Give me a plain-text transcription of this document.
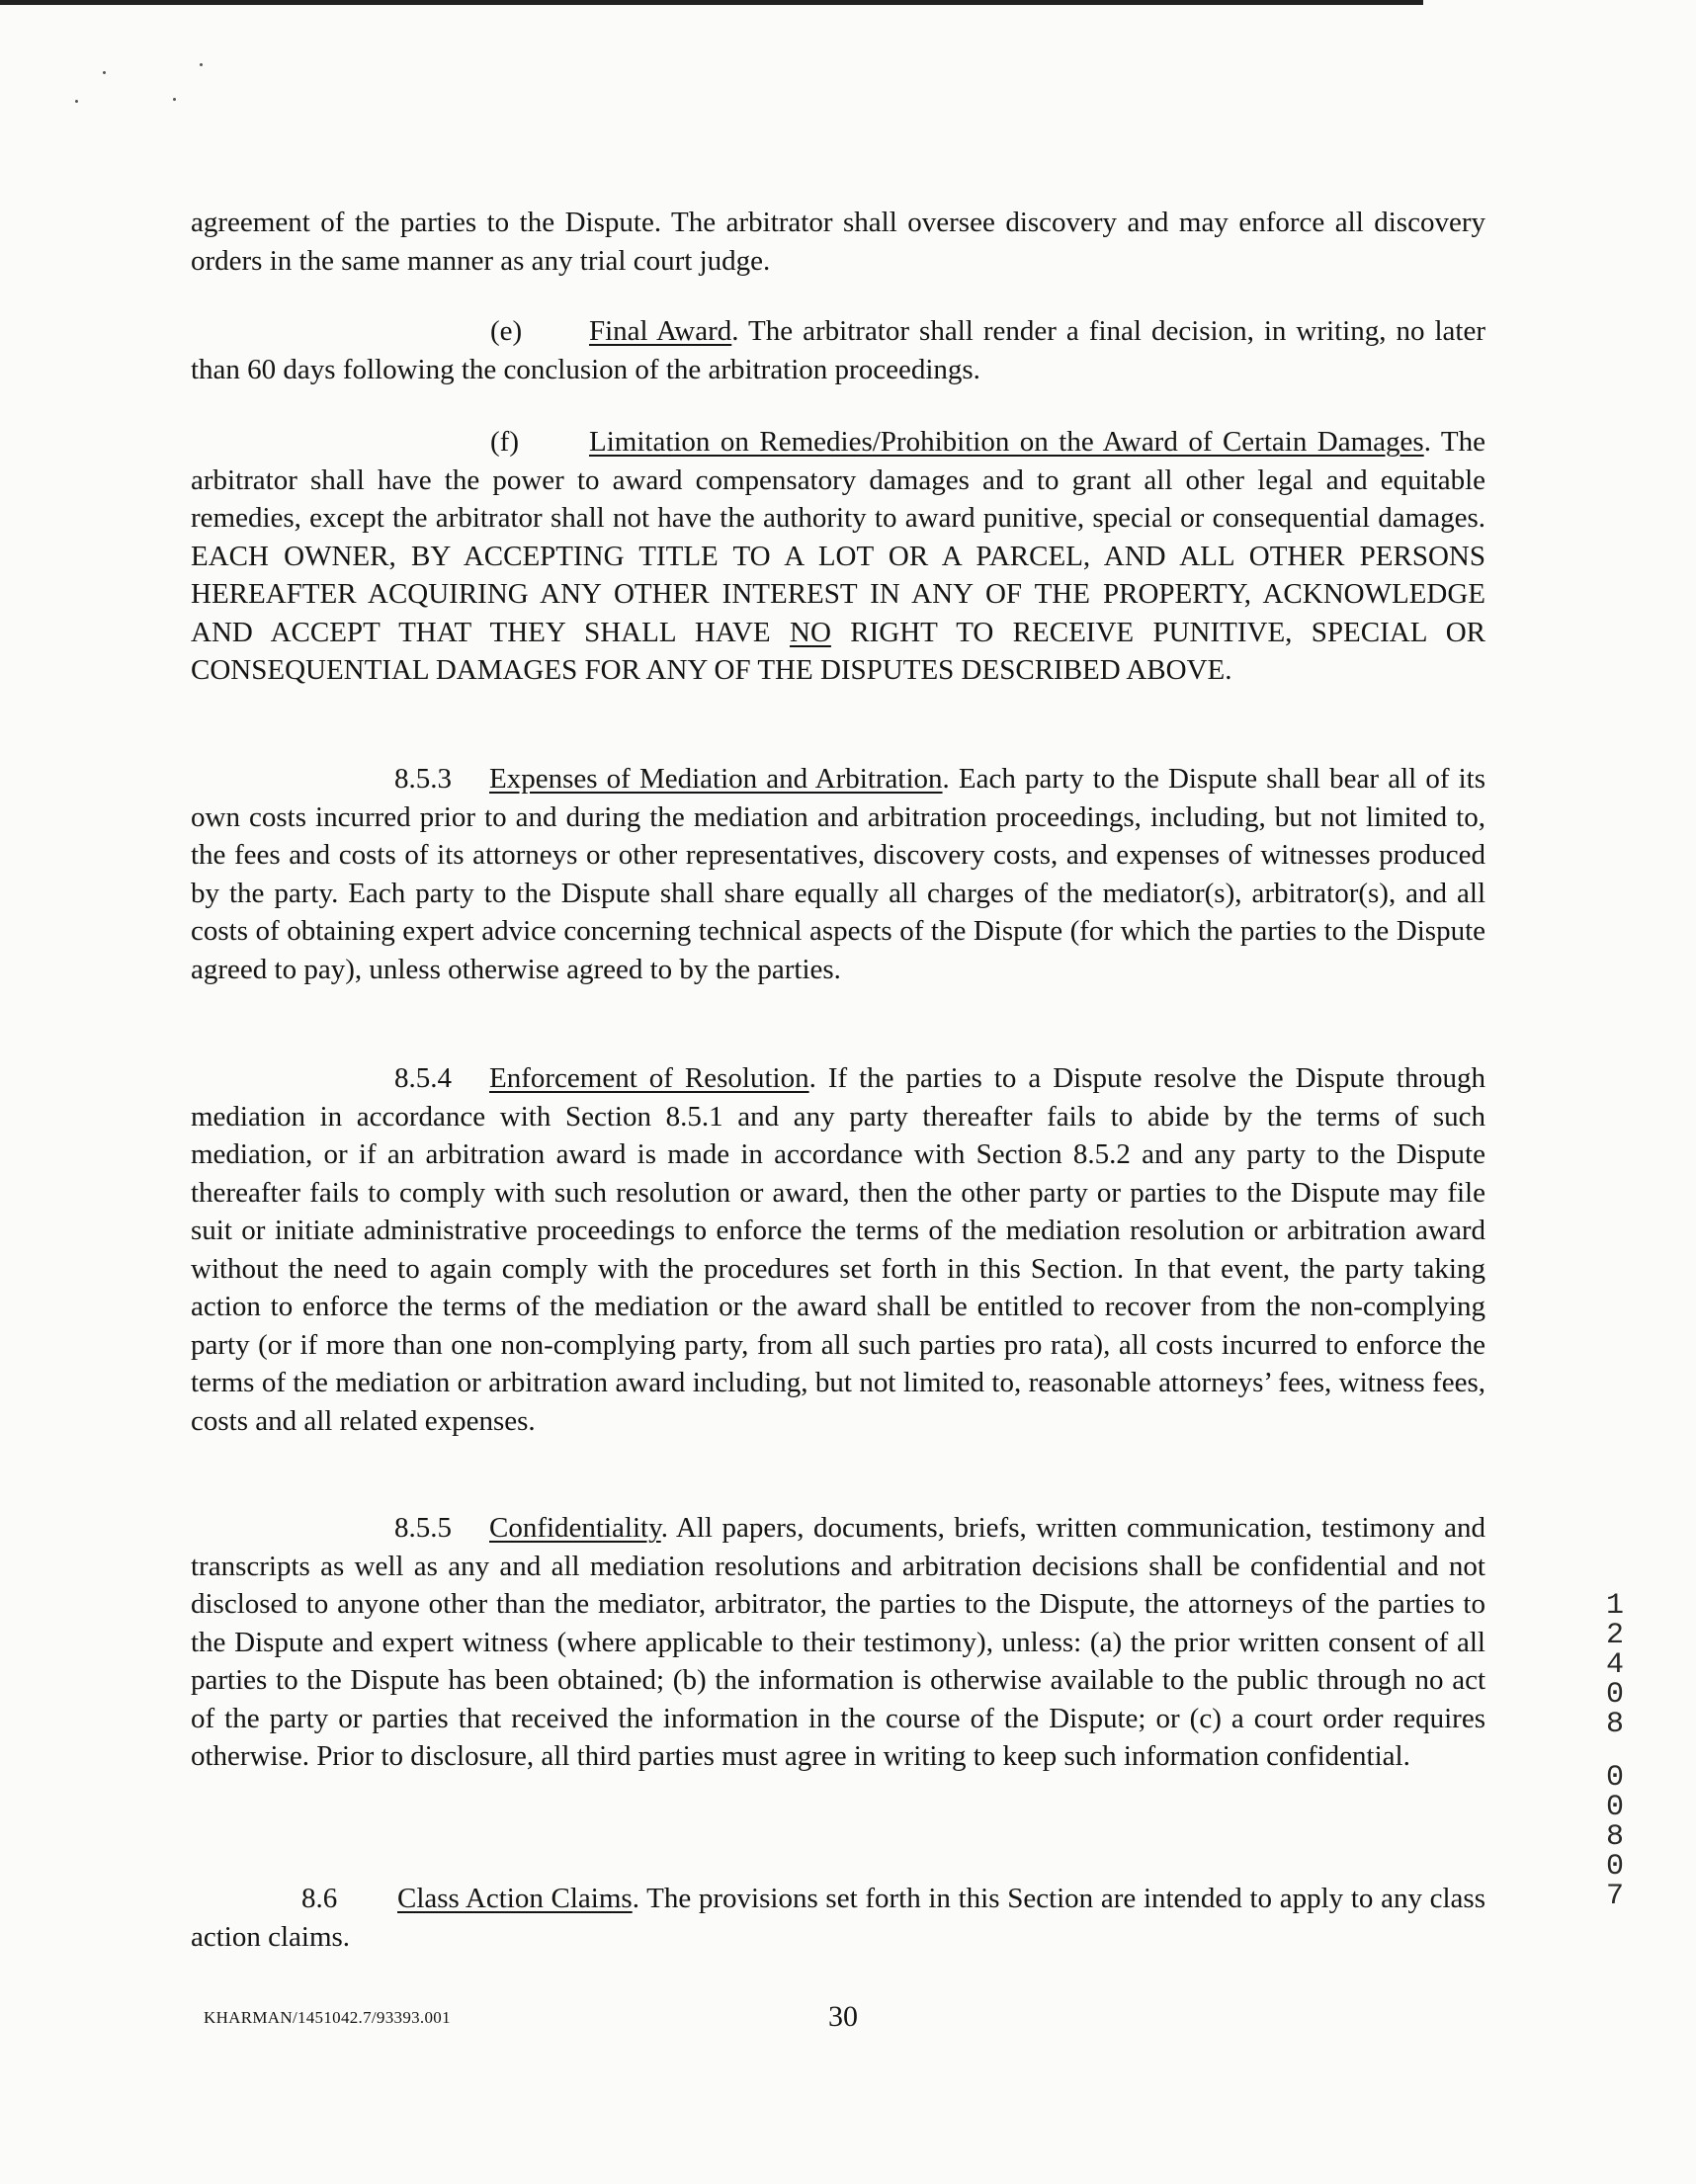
agreement of the parties to the Dispute. The arbitrator shall oversee discovery and may enforce all discovery orders in the same manner as any trial court judge.

(e) Final Award. The arbitrator shall render a final decision, in writing, no later than 60 days following the conclusion of the arbitration proceedings.

(f) Limitation on Remedies/Prohibition on the Award of Certain Damages. The arbitrator shall have the power to award compensatory damages and to grant all other legal and equitable remedies, except the arbitrator shall not have the authority to award punitive, special or consequential damages. EACH OWNER, BY ACCEPTING TITLE TO A LOT OR A PARCEL, AND ALL OTHER PERSONS HEREAFTER ACQUIRING ANY OTHER INTEREST IN ANY OF THE PROPERTY, ACKNOWLEDGE AND ACCEPT THAT THEY SHALL HAVE NO RIGHT TO RECEIVE PUNITIVE, SPECIAL OR CONSEQUENTIAL DAMAGES FOR ANY OF THE DISPUTES DESCRIBED ABOVE.

8.5.3 Expenses of Mediation and Arbitration. Each party to the Dispute shall bear all of its own costs incurred prior to and during the mediation and arbitration proceedings, including, but not limited to, the fees and costs of its attorneys or other representatives, discovery costs, and expenses of witnesses produced by the party. Each party to the Dispute shall share equally all charges of the mediator(s), arbitrator(s), and all costs of obtaining expert advice concerning technical aspects of the Dispute (for which the parties to the Dispute agreed to pay), unless otherwise agreed to by the parties.

8.5.4 Enforcement of Resolution. If the parties to a Dispute resolve the Dispute through mediation in accordance with Section 8.5.1 and any party thereafter fails to abide by the terms of such mediation, or if an arbitration award is made in accordance with Section 8.5.2 and any party to the Dispute thereafter fails to comply with such resolution or award, then the other party or parties to the Dispute may file suit or initiate administrative proceedings to enforce the terms of the mediation resolution or arbitration award without the need to again comply with the procedures set forth in this Section. In that event, the party taking action to enforce the terms of the mediation or the award shall be entitled to recover from the non-complying party (or if more than one non-complying party, from all such parties pro rata), all costs incurred to enforce the terms of the mediation or arbitration award including, but not limited to, reasonable attorneys’ fees, witness fees, costs and all related expenses.

8.5.5 Confidentiality. All papers, documents, briefs, written communication, testimony and transcripts as well as any and all mediation resolutions and arbitration decisions shall be confidential and not disclosed to anyone other than the mediator, arbitrator, the parties to the Dispute, the attorneys of the parties to the Dispute and expert witness (where applicable to their testimony), unless: (a) the prior written consent of all parties to the Dispute has been obtained; (b) the information is otherwise available to the public through no act of the party or parties that received the information in the course of the Dispute; or (c) a court order requires otherwise. Prior to disclosure, all third parties must agree in writing to keep such information confidential.

8.6 Class Action Claims. The provisions set forth in this Section are intended to apply to any class action claims.

KHARMAN/1451042.7/93393.001	30
1
2
4
0
8
0
0
8
0
7
